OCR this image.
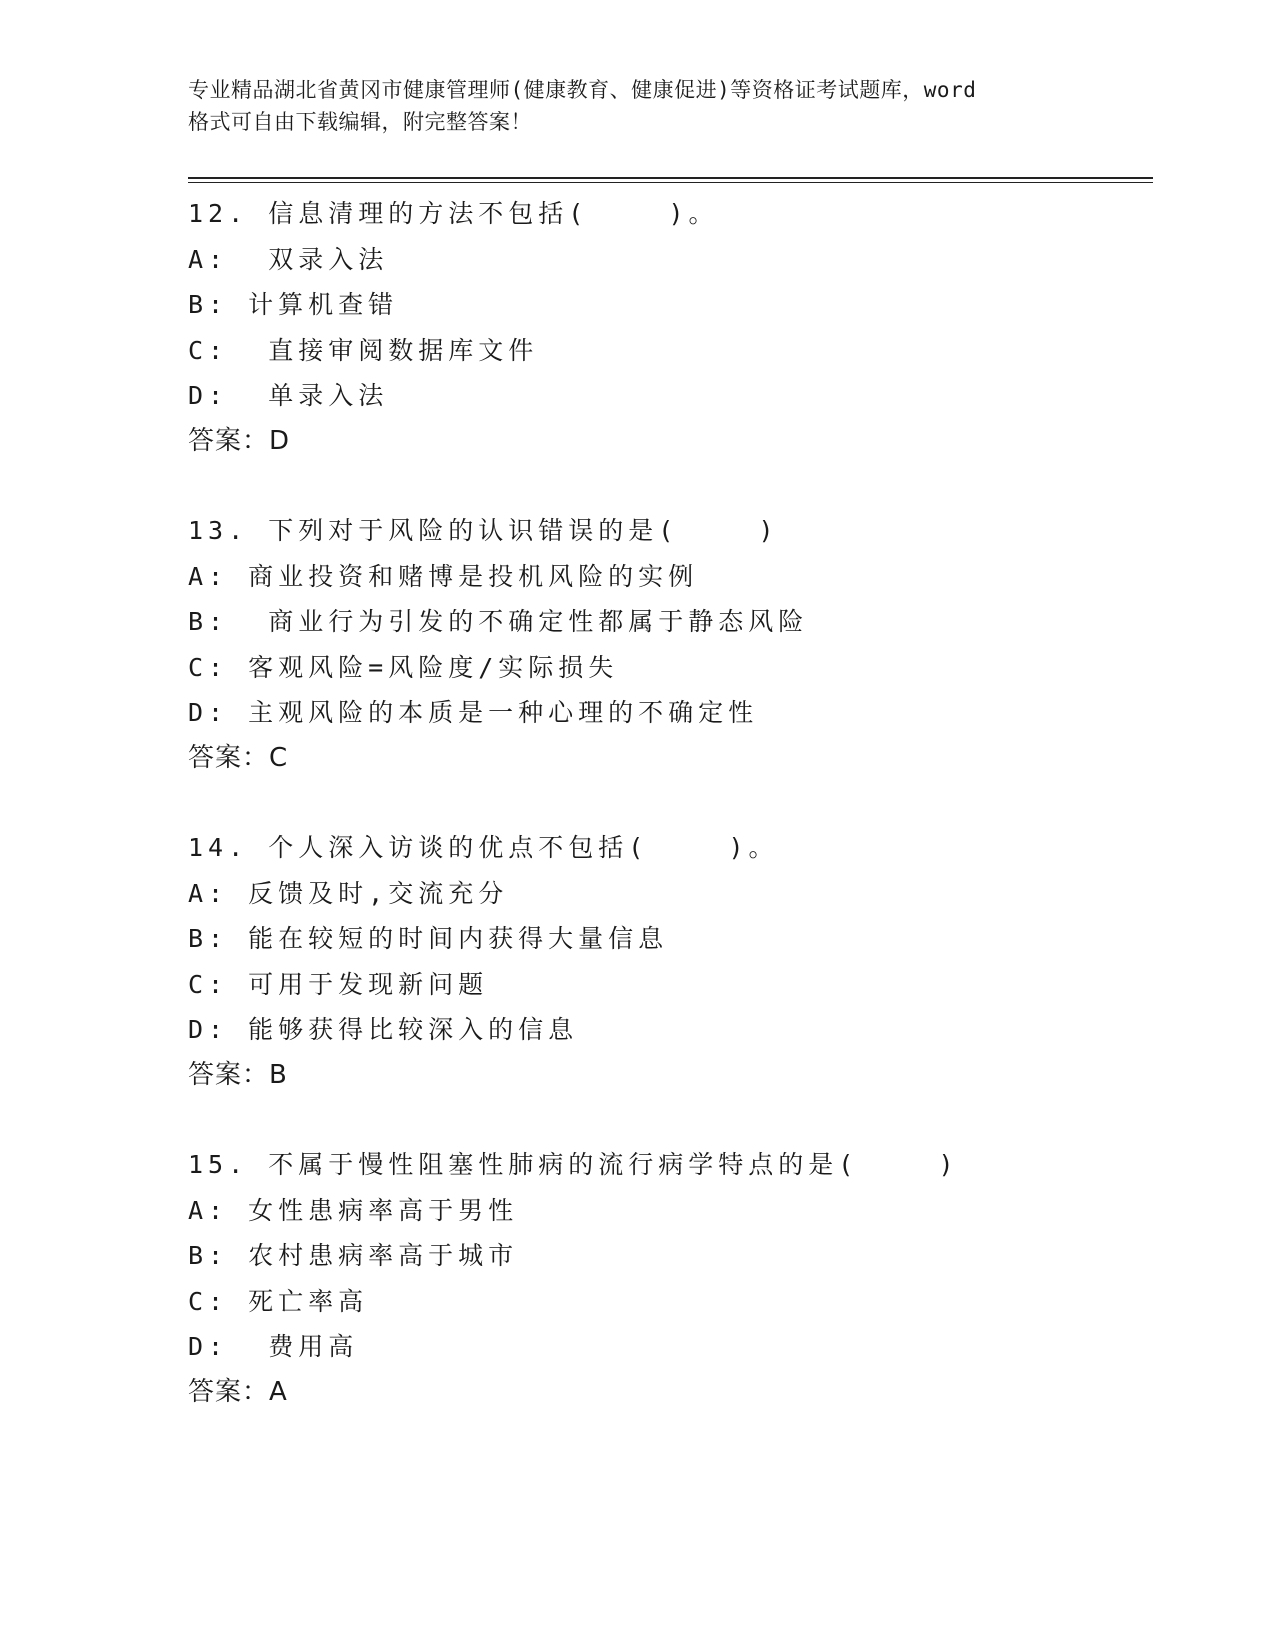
专业精品湖北省黄冈市健康管理师(健康教育、健康促进)等资格证考试题库，word
格式可自由下载编辑，附完整答案！
12. 信息清理的方法不包括(    )。
A:  双录入法
B: 计算机查错
C:  直接审阅数据库文件
D:  单录入法
答案：D
13. 下列对于风险的认识错误的是(    )
A: 商业投资和赌博是投机风险的实例
B:  商业行为引发的不确定性都属于静态风险
C: 客观风险=风险度/实际损失
D: 主观风险的本质是一种心理的不确定性
答案：C
14. 个人深入访谈的优点不包括(    )。
A: 反馈及时,交流充分
B: 能在较短的时间内获得大量信息
C: 可用于发现新问题
D: 能够获得比较深入的信息
答案：B
15. 不属于慢性阻塞性肺病的流行病学特点的是(    )
A: 女性患病率高于男性
B: 农村患病率高于城市
C: 死亡率高
D:  费用高
答案：A
